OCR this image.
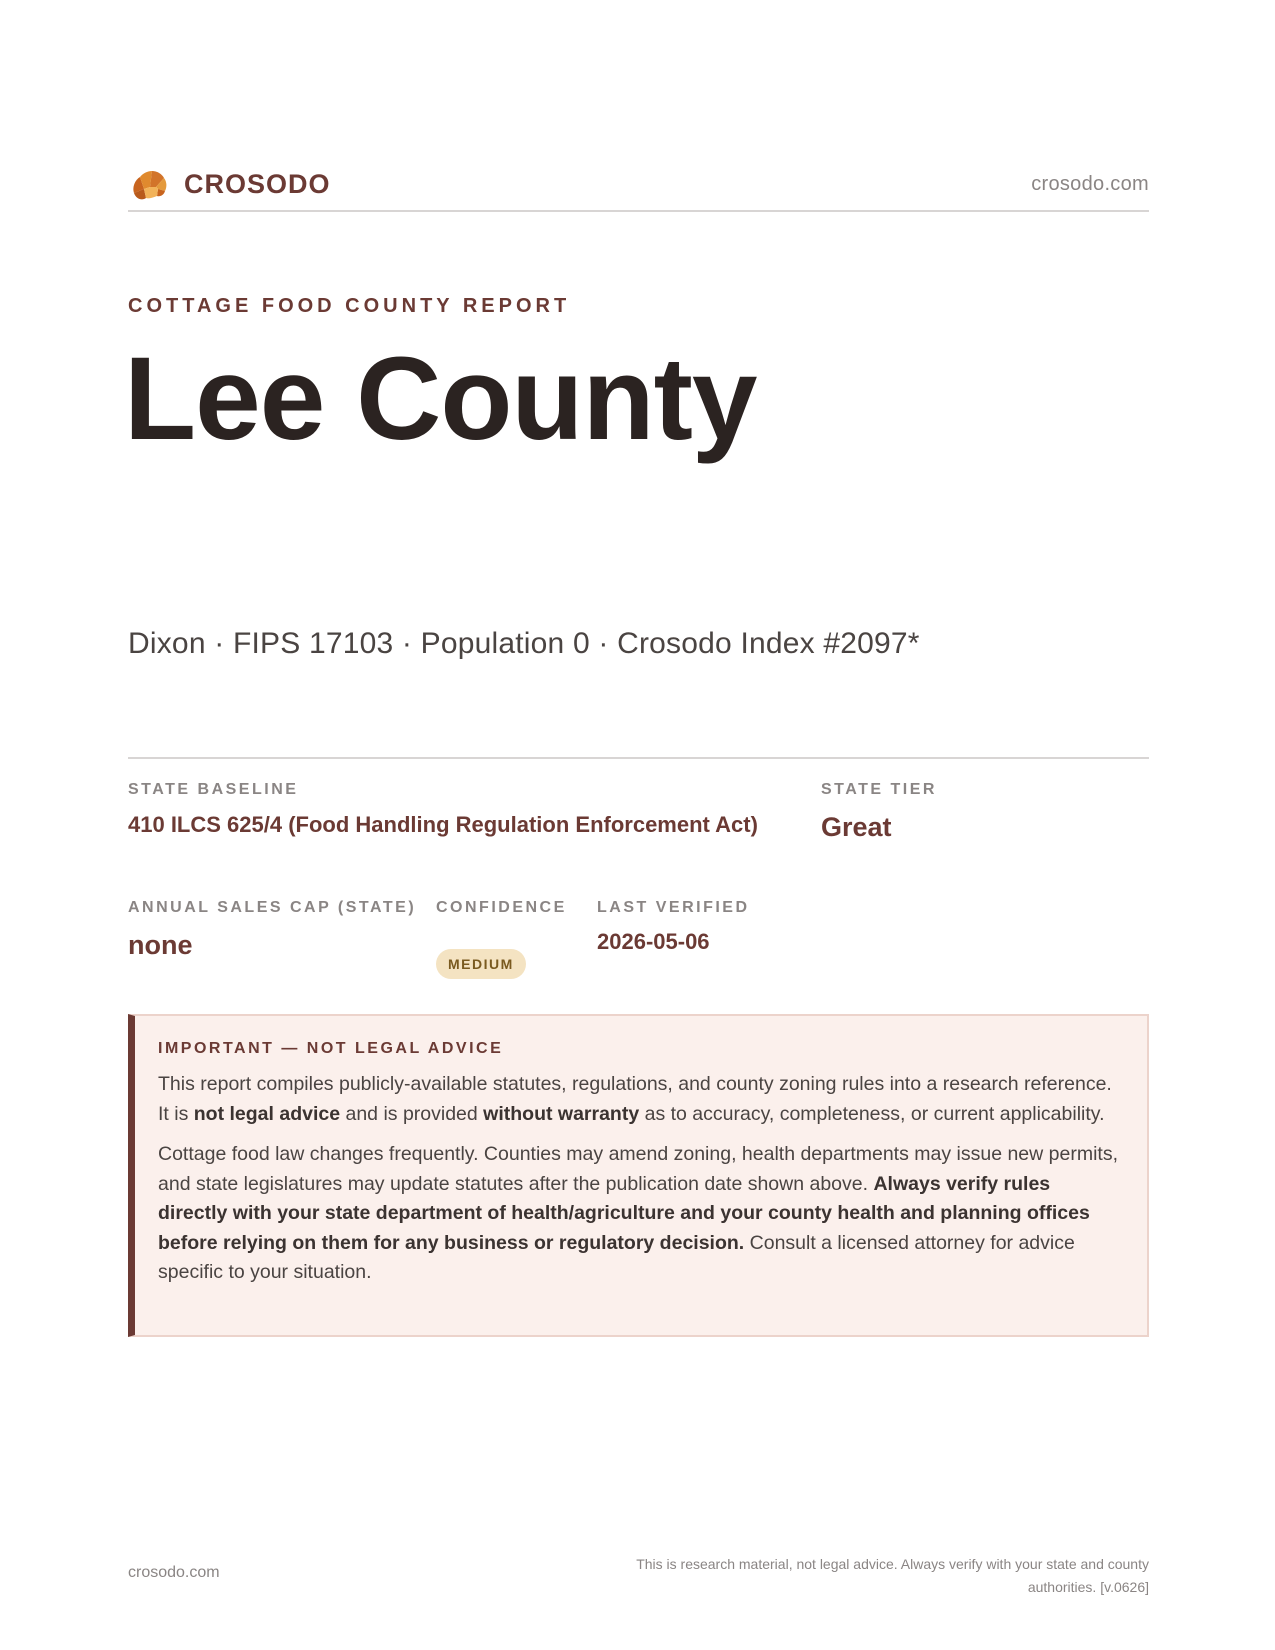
CROSODO	crosodo.com
COTTAGE FOOD COUNTY REPORT
Lee County
Dixon · FIPS 17103 · Population 0 · Crosodo Index #2097*
STATE BASELINE
410 ILCS 625/4 (Food Handling Regulation Enforcement Act)
STATE TIER
Great
ANNUAL SALES CAP (STATE)
none
CONFIDENCE
MEDIUM
LAST VERIFIED
2026-05-06
IMPORTANT — NOT LEGAL ADVICE

This report compiles publicly-available statutes, regulations, and county zoning rules into a research reference. It is not legal advice and is provided without warranty as to accuracy, completeness, or current applicability.

Cottage food law changes frequently. Counties may amend zoning, health departments may issue new permits, and state legislatures may update statutes after the publication date shown above. Always verify rules directly with your state department of health/agriculture and your county health and planning offices before relying on them for any business or regulatory decision. Consult a licensed attorney for advice specific to your situation.

crosodo.com	This is research material, not legal advice. Always verify with your state and county authorities. [v.0626]
